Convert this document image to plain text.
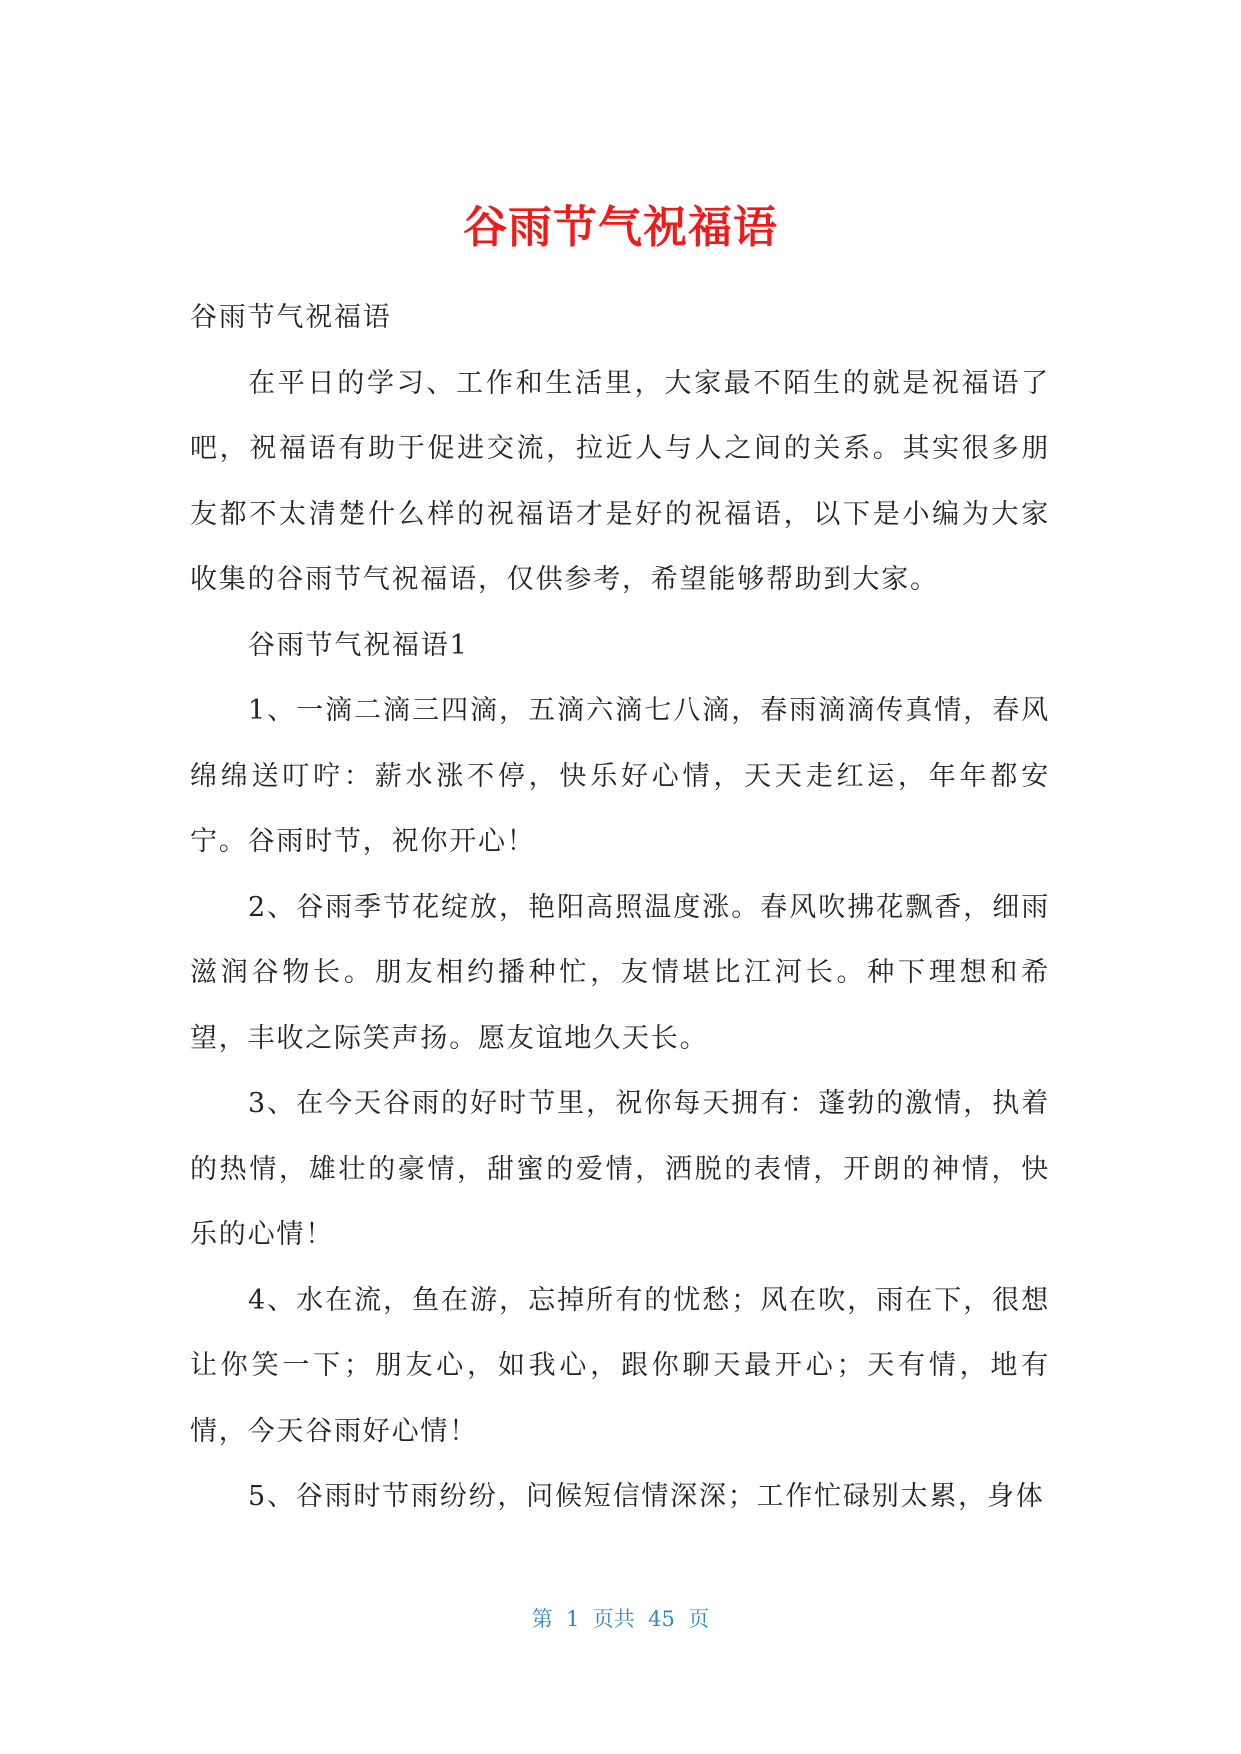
谷雨节气祝福语

谷雨节气祝福语

在平日的学习、工作和生活里，大家最不陌生的就是祝福语了吧，祝福语有助于促进交流，拉近人与人之间的关系。其实很多朋友都不太清楚什么样的祝福语才是好的祝福语，以下是小编为大家收集的谷雨节气祝福语，仅供参考，希望能够帮助到大家。

谷雨节气祝福语1

1、一滴二滴三四滴，五滴六滴七八滴，春雨滴滴传真情，春风绵绵送叮咛：薪水涨不停，快乐好心情，天天走红运，年年都安宁。谷雨时节，祝你开心！

2、谷雨季节花绽放，艳阳高照温度涨。春风吹拂花飘香，细雨滋润谷物长。朋友相约播种忙，友情堪比江河长。种下理想和希望，丰收之际笑声扬。愿友谊地久天长。

3、在今天谷雨的好时节里，祝你每天拥有：蓬勃的激情，执着的热情，雄壮的豪情，甜蜜的爱情，洒脱的表情，开朗的神情，快乐的心情！

4、水在流，鱼在游，忘掉所有的忧愁；风在吹，雨在下，很想让你笑一下；朋友心，如我心，跟你聊天最开心；天有情，地有情，今天谷雨好心情！

5、谷雨时节雨纷纷，问候短信情深深；工作忙碌别太累，身体

第  1  页共  45  页
